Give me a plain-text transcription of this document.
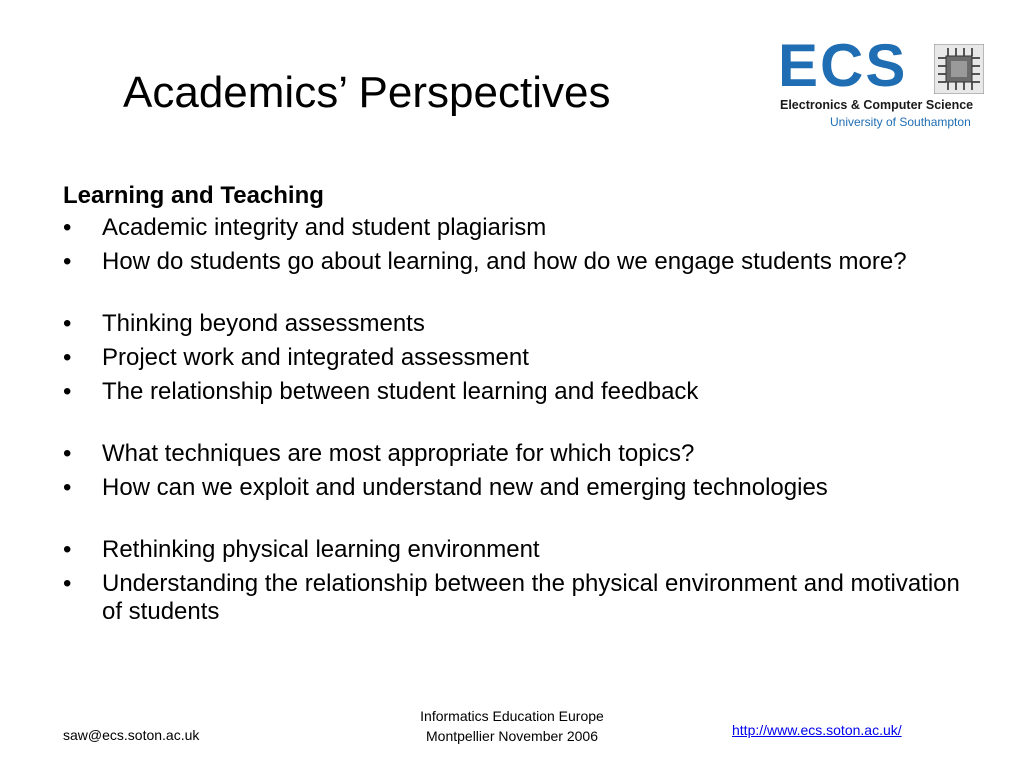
Academics’ Perspectives	ECS
Electronics & Computer Science
University of Southampton

Learning and Teaching

• Academic integrity and student plagiarism
• How do students go about learning, and how do we engage students more?
• Thinking beyond assessments
• Project work and integrated assessment
• The relationship between student learning and feedback
• What techniques are most appropriate for which topics?
• How can we exploit and understand new and emerging technologies
• Rethinking physical learning environment
• Understanding the relationship between the physical environment and motivation of students
saw@ecs.soton.ac.uk
Informatics Education Europe
Montpellier November 2006	http://www.ecs.soton.ac.uk/
